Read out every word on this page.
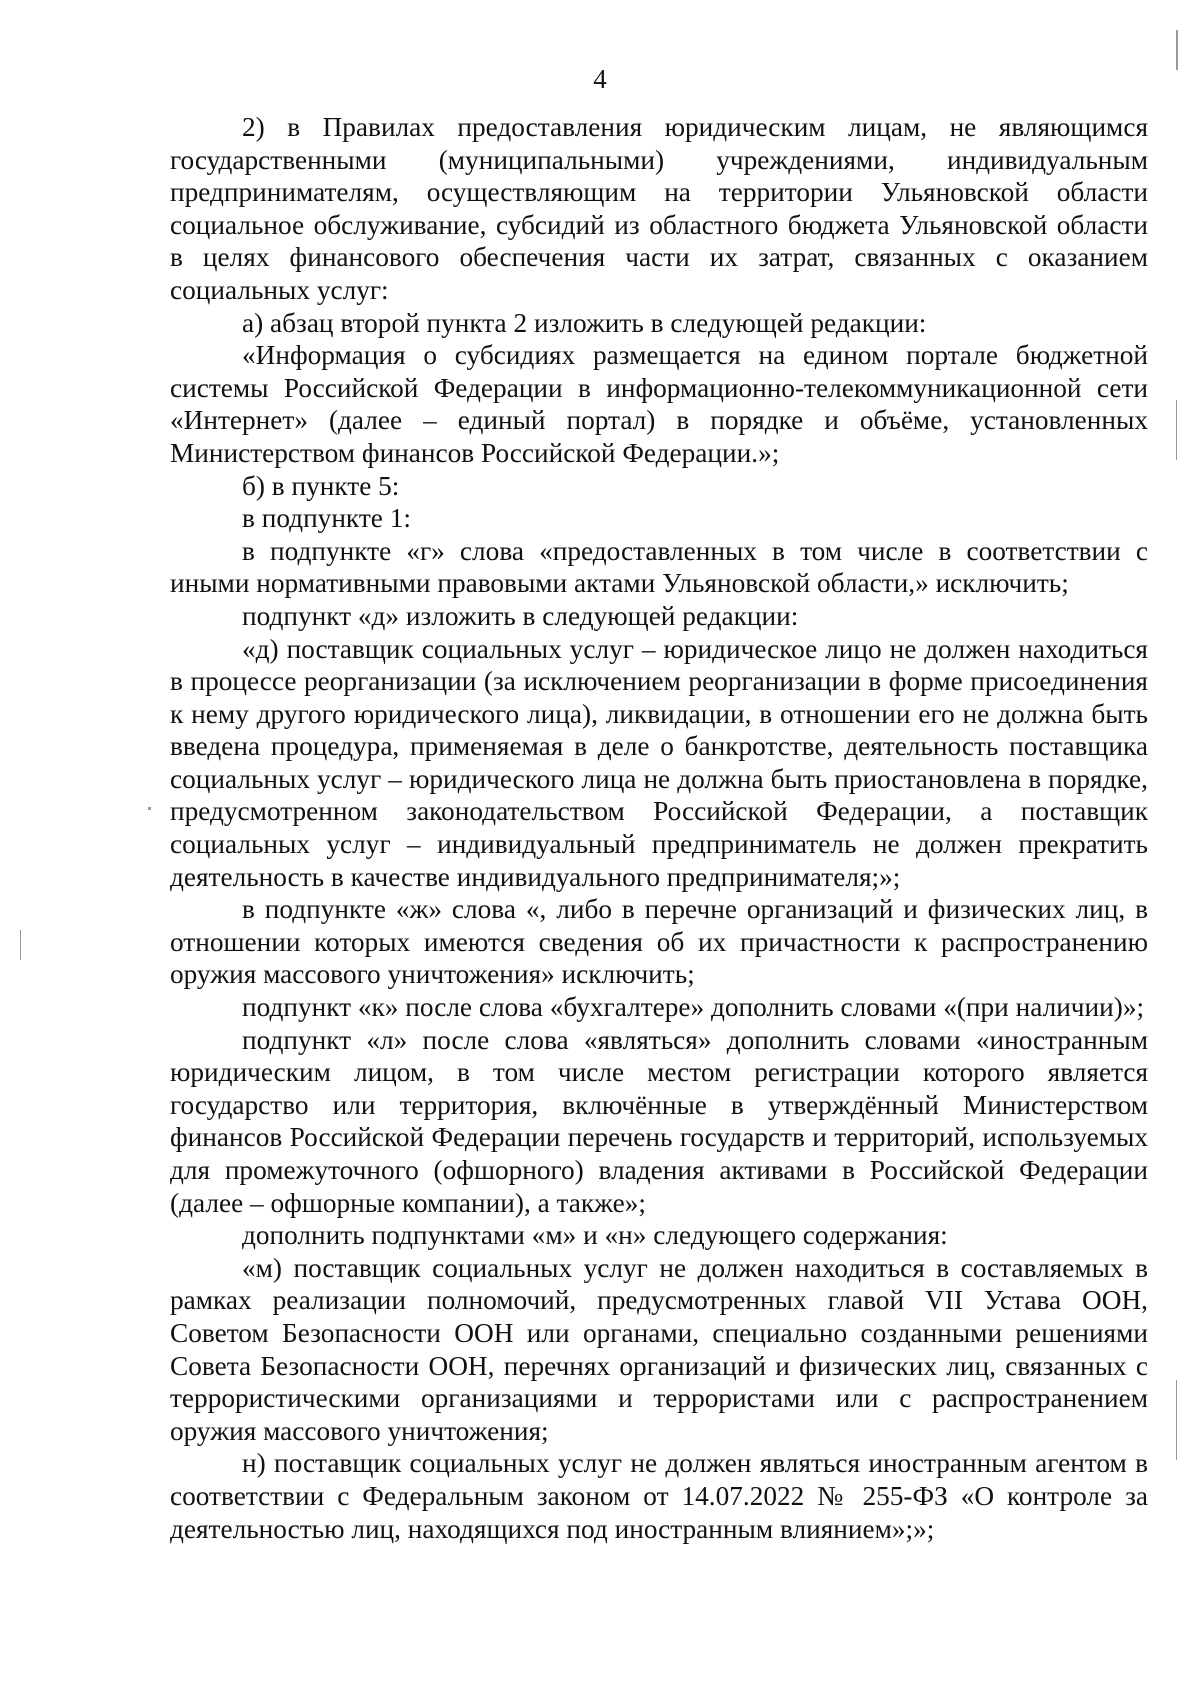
4

2) в Правилах предоставления юридическим лицам, не являющимся государственными (муниципальными) учреждениями, индивидуальным предпринимателям, осуществляющим на территории Ульяновской области социальное обслуживание, субсидий из областного бюджета Ульяновской области в целях финансового обеспечения части их затрат, связанных с оказанием социальных услуг:

а) абзац второй пункта 2 изложить в следующей редакции:

«Информация о субсидиях размещается на едином портале бюджетной системы Российской Федерации в информационно-телекоммуникационной сети «Интернет» (далее – единый портал) в порядке и объёме, установленных Министерством финансов Российской Федерации.»;

б) в пункте 5:

в подпункте 1:

в подпункте «г» слова «предоставленных в том числе в соответствии с иными нормативными правовыми актами Ульяновской области,» исключить;

подпункт «д» изложить в следующей редакции:

«д) поставщик социальных услуг – юридическое лицо не должен находиться в процессе реорганизации (за исключением реорганизации в форме присоединения к нему другого юридического лица), ликвидации, в отношении его не должна быть введена процедура, применяемая в деле о банкротстве, деятельность поставщика социальных услуг – юридического лица не должна быть приостановлена в порядке, предусмотренном законодательством Российской Федерации, а поставщик социальных услуг – индивидуальный предприниматель не должен прекратить деятельность в качестве индивидуального предпринимателя;»;

в подпункте «ж» слова «, либо в перечне организаций и физических лиц, в отношении которых имеются сведения об их причастности к распространению оружия массового уничтожения» исключить;

подпункт «к» после слова «бухгалтере» дополнить словами «(при наличии)»;

подпункт «л» после слова «являться» дополнить словами «иностранным юридическим лицом, в том числе местом регистрации которого является государство или территория, включённые в утверждённый Министерством финансов Российской Федерации перечень государств и территорий, используемых для промежуточного (офшорного) владения активами в Российской Федерации (далее – офшорные компании), а также»;

дополнить подпунктами «м» и «н» следующего содержания:

«м) поставщик социальных услуг не должен находиться в составляемых в рамках реализации полномочий, предусмотренных главой VII Устава ООН, Советом Безопасности ООН или органами, специально созданными решениями Совета Безопасности ООН, перечнях организаций и физических лиц, связанных с террористическими организациями и террористами или с распространением оружия массового уничтожения;

н) поставщик социальных услуг не должен являться иностранным агентом в соответствии с Федеральным законом от 14.07.2022 № 255-ФЗ «О контроле за деятельностью лиц, находящихся под иностранным влиянием»;»;
